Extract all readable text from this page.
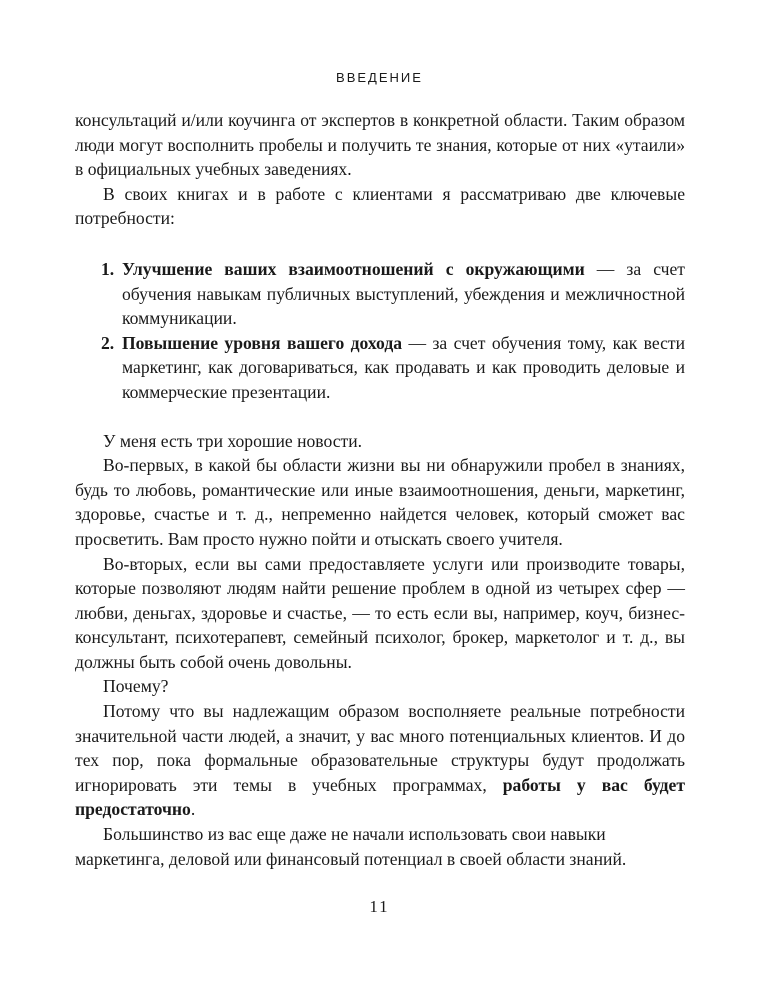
ВВЕДЕНИЕ

консультаций и/или коучинга от экспертов в конкретной области. Таким образом люди могут восполнить пробелы и получить те знания, которые от них «утаили» в официальных учебных заведениях.

В своих книгах и в работе с клиентами я рассматриваю две ключевые потребности:

1. Улучшение ваших взаимоотношений с окружающими — за счет обучения навыкам публичных выступлений, убеждения и межличностной коммуникации.
2. Повышение уровня вашего дохода — за счет обучения тому, как вести маркетинг, как договариваться, как продавать и как проводить деловые и коммерческие презентации.

У меня есть три хорошие новости.

Во-первых, в какой бы области жизни вы ни обнаружили пробел в знаниях, будь то любовь, романтические или иные взаимоотношения, деньги, маркетинг, здоровье, счастье и т. д., непременно найдется человек, который сможет вас просветить. Вам просто нужно пойти и отыскать своего учителя.

Во-вторых, если вы сами предоставляете услуги или производите товары, которые позволяют людям найти решение проблем в одной из четырех сфер — любви, деньгах, здоровье и счастье, — то есть если вы, например, коуч, бизнес-консультант, психотерапевт, семейный психолог, брокер, маркетолог и т. д., вы должны быть собой очень довольны.

Почему?

Потому что вы надлежащим образом восполняете реальные потребности значительной части людей, а значит, у вас много потенциальных клиентов. И до тех пор, пока формальные образовательные структуры будут продолжать игнорировать эти темы в учебных программах, работы у вас будет предостаточно.

Большинство из вас еще даже не начали использовать свои навыки маркетинга, деловой или финансовый потенциал в своей области знаний.

11
